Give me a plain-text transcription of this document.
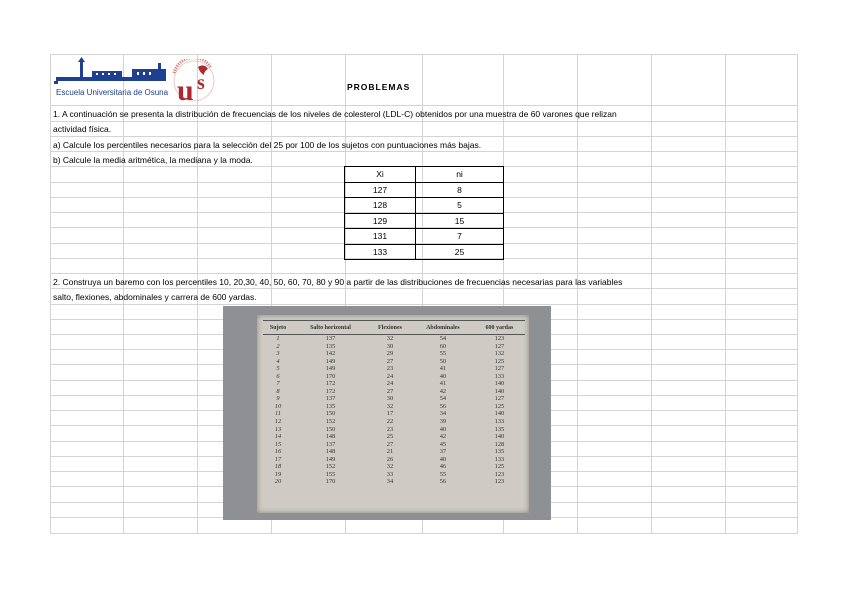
Escuela Universitaria de Osuna u s	PROBLEMAS
1. A continuación se presenta la distribución de frecuencias de los niveles de colesterol (LDL-C) obtenidos por una muestra de 60 varones que relizan
actividad física.
a) Calcule los percentiles necesarios para la selección del 25 por 100 de los sujetos con puntuaciones más bajas.
b) Calcule la media aritmética, la mediana y la moda.
Xi	ni
127	8
128	5
129	15
131	7
133	25
2. Construya un baremo con los percentiles 10, 20,30, 40, 50, 60, 70, 80 y 90 a partir de las distribuciones de frecuencias necesarias para las variables
salto, flexiones, abdominales y carrera de 600 yardas.
Sujeto	Salto horizontal	Flexiones	Abdominales	600 yardas
1	137	32	54	123
2	135	30	60	127
3	142	29	55	132
4	149	27	50	125
5	149	23	41	127
6	170	24	40	133
7	172	24	41	140
8	172	27	42	140
9	137	30	54	127
10	135	32	56	125
11	150	17	34	140
12	152	22	39	133
13	150	23	40	135
14	148	25	42	140
15	137	27	45	128
16	148	21	37	135
17	149	26	40	133
18	152	32	46	125
19	155	33	55	123
20	170	34	56	123
